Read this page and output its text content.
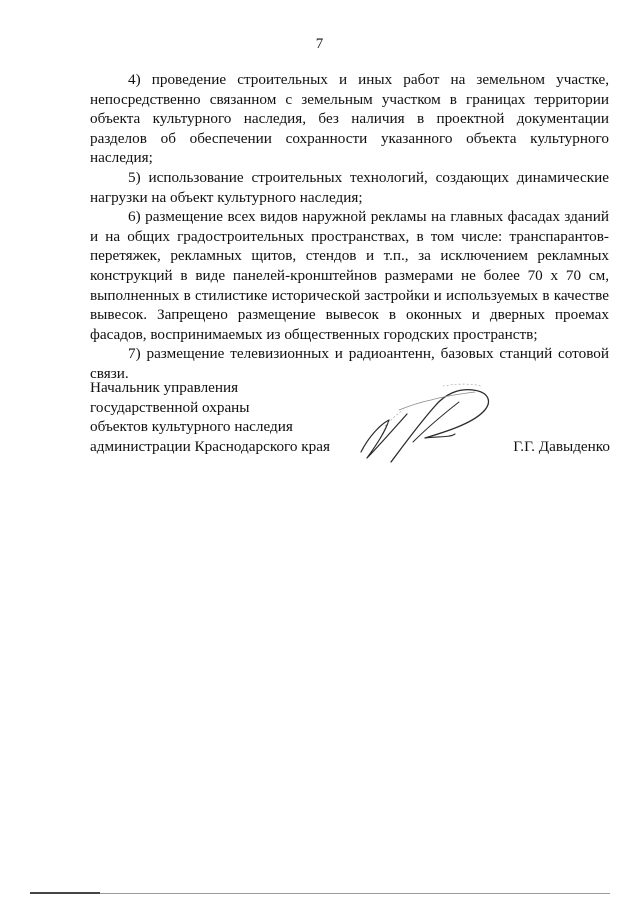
7

4) проведение строительных и иных работ на земельном участке, непосредственно связанном с земельным участком в границах территории объекта культурного наследия, без наличия в проектной документации разделов об обеспечении сохранности указанного объекта культурного наследия;

5) использование строительных технологий, создающих динамические нагрузки на объект культурного наследия;

6) размещение всех видов наружной рекламы на главных фасадах зданий и на общих градостроительных пространствах, в том числе: транспарантов-перетяжек, рекламных щитов, стендов и т.п., за исключением рекламных конструкций в виде панелей-кронштейнов размерами не более 70 х 70 см, выполненных в стилистике исторической застройки и используемых в качестве вывесок. Запрещено размещение вывесок в оконных и дверных проемах фасадов, воспринимаемых из общественных городских пространств;

7) размещение телевизионных и радиоантенн, базовых станций сотовой связи.

Начальник управления
государственной охраны
объектов культурного наследия
администрации Краснодарского края	Г.Г. Давыденко
